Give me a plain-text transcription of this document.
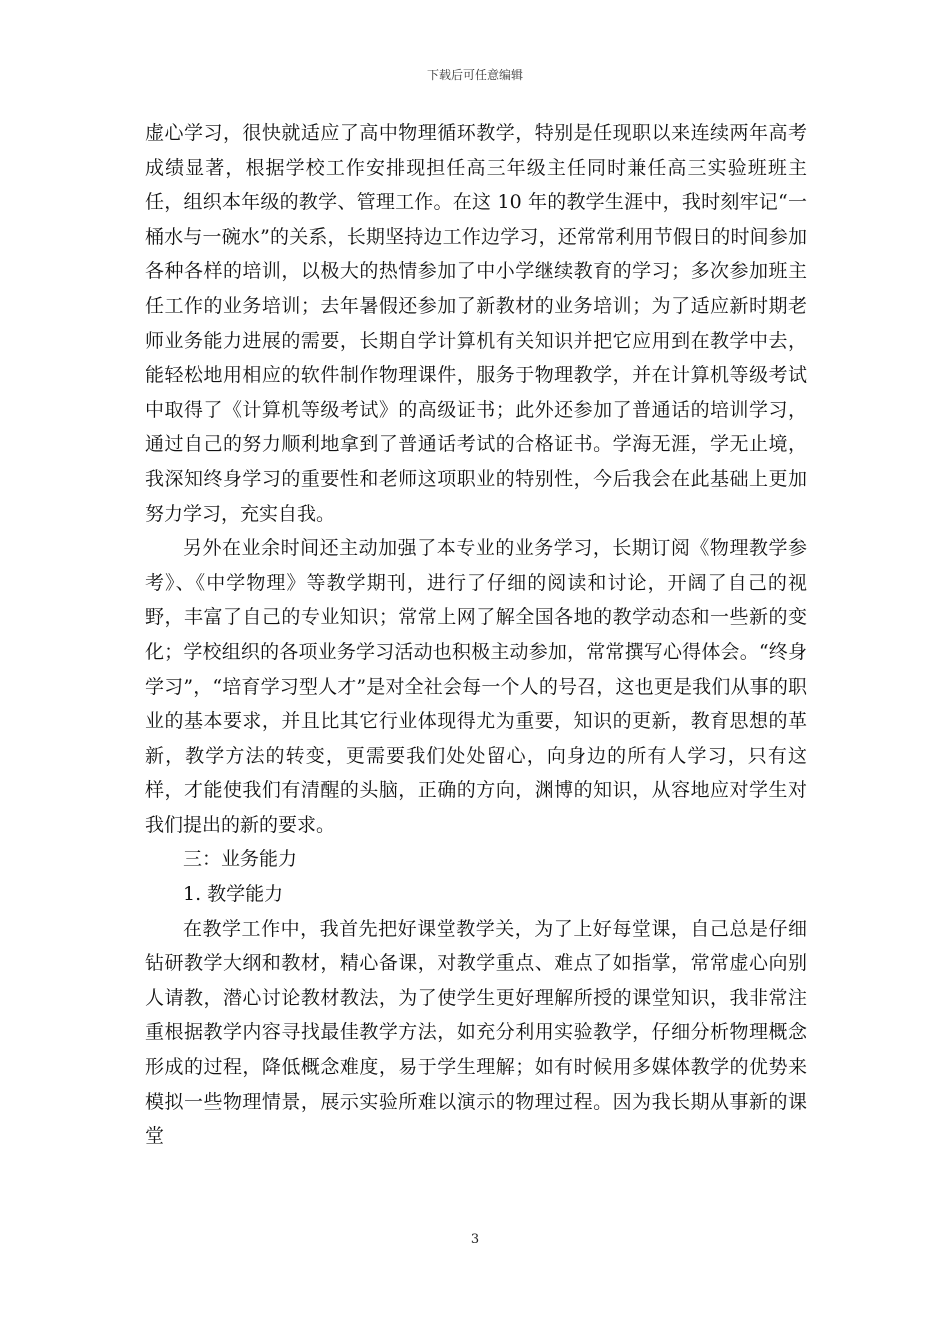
下载后可任意编辑

虚心学习，很快就适应了高中物理循环教学，特别是任现职以来连续两年高考成绩显著，根据学校工作安排现担任高三年级主任同时兼任高三实验班班主任，组织本年级的教学、管理工作。在这 10 年的教学生涯中，我时刻牢记“一桶水与一碗水”的关系，长期坚持边工作边学习，还常常利用节假日的时间参加各种各样的培训，以极大的热情参加了中小学继续教育的学习；多次参加班主任工作的业务培训；去年暑假还参加了新教材的业务培训；为了适应新时期老师业务能力进展的需要，长期自学计算机有关知识并把它应用到在教学中去，能轻松地用相应的软件制作物理课件，服务于物理教学，并在计算机等级考试中取得了《计算机等级考试》的高级证书；此外还参加了普通话的培训学习，通过自己的努力顺利地拿到了普通话考试的合格证书。学海无涯，学无止境，我深知终身学习的重要性和老师这项职业的特别性，今后我会在此基础上更加努力学习，充实自我。

另外在业余时间还主动加强了本专业的业务学习，长期订阅《物理教学参考》、《中学物理》等教学期刊，进行了仔细的阅读和讨论，开阔了自己的视野，丰富了自己的专业知识；常常上网了解全国各地的教学动态和一些新的变化；学校组织的各项业务学习活动也积极主动参加，常常撰写心得体会。“终身学习”，“培育学习型人才”是对全社会每一个人的号召，这也更是我们从事的职业的基本要求，并且比其它行业体现得尤为重要，知识的更新，教育思想的革新，教学方法的转变，更需要我们处处留心，向身边的所有人学习，只有这样，才能使我们有清醒的头脑，正确的方向，渊博的知识，从容地应对学生对我们提出的新的要求。

三：业务能力

1. 教学能力

在教学工作中，我首先把好课堂教学关，为了上好每堂课，自己总是仔细钻研教学大纲和教材，精心备课，对教学重点、难点了如指掌，常常虚心向别人请教，潜心讨论教材教法，为了使学生更好理解所授的课堂知识，我非常注重根据教学内容寻找最佳教学方法，如充分利用实验教学，仔细分析物理概念形成的过程，降低概念难度，易于学生理解；如有时候用多媒体教学的优势来模拟一些物理情景，展示实验所难以演示的物理过程。因为我长期从事新的课堂

3
